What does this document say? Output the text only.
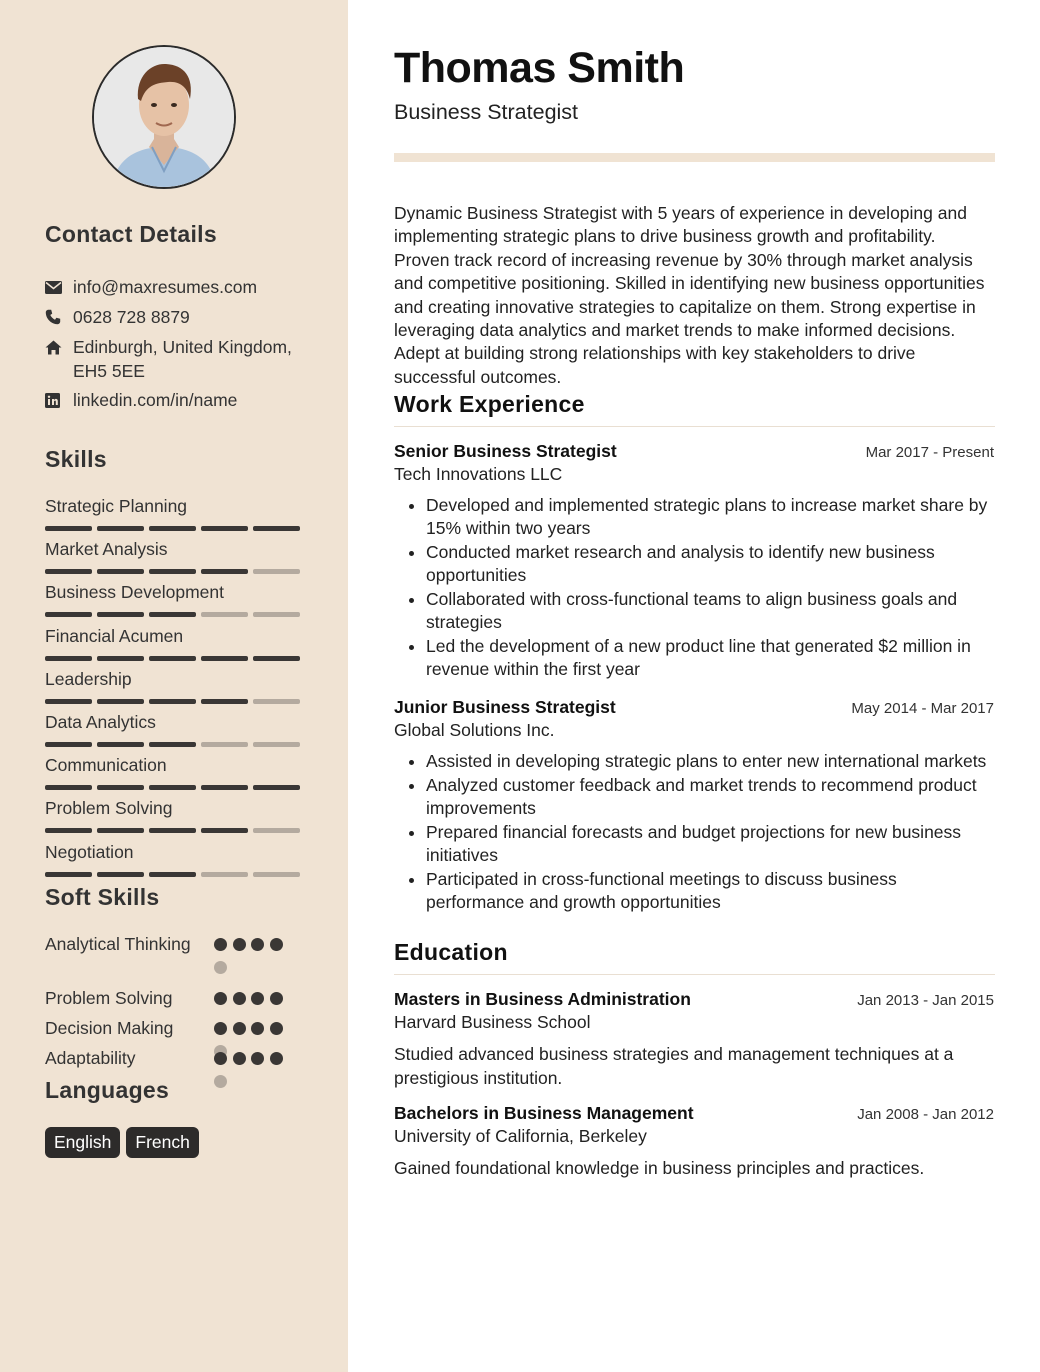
Contact Details
info@maxresumes.com
0628 728 8879
Edinburgh, United Kingdom, EH5 5EE
linkedin.com/in/name
Skills
Strategic Planning
Market Analysis
Business Development
Financial Acumen
Leadership
Data Analytics
Communication
Problem Solving
Negotiation
Soft Skills
Analytical Thinking
Problem Solving
Decision Making
Adaptability
Languages
English	French
Thomas Smith
Business Strategist
Dynamic Business Strategist with 5 years of experience in developing and implementing strategic plans to drive business growth and profitability. Proven track record of increasing revenue by 30% through market analysis and competitive positioning. Skilled in identifying new business opportunities and creating innovative strategies to capitalize on them. Strong expertise in leveraging data analytics and market trends to make informed decisions. Adept at building strong relationships with key stakeholders to drive successful outcomes.
Work Experience
Senior Business Strategist	Mar 2017 - Present
Tech Innovations LLC
• Developed and implemented strategic plans to increase market share by 15% within two years
• Conducted market research and analysis to identify new business opportunities
• Collaborated with cross-functional teams to align business goals and strategies
• Led the development of a new product line that generated $2 million in revenue within the first year
Junior Business Strategist	May 2014 - Mar 2017
Global Solutions Inc.
• Assisted in developing strategic plans to enter new international markets
• Analyzed customer feedback and market trends to recommend product improvements
• Prepared financial forecasts and budget projections for new business initiatives
• Participated in cross-functional meetings to discuss business performance and growth opportunities
Education
Masters in Business Administration	Jan 2013 - Jan 2015
Harvard Business School
Studied advanced business strategies and management techniques at a prestigious institution.
Bachelors in Business Management	Jan 2008 - Jan 2012
University of California, Berkeley
Gained foundational knowledge in business principles and practices.
